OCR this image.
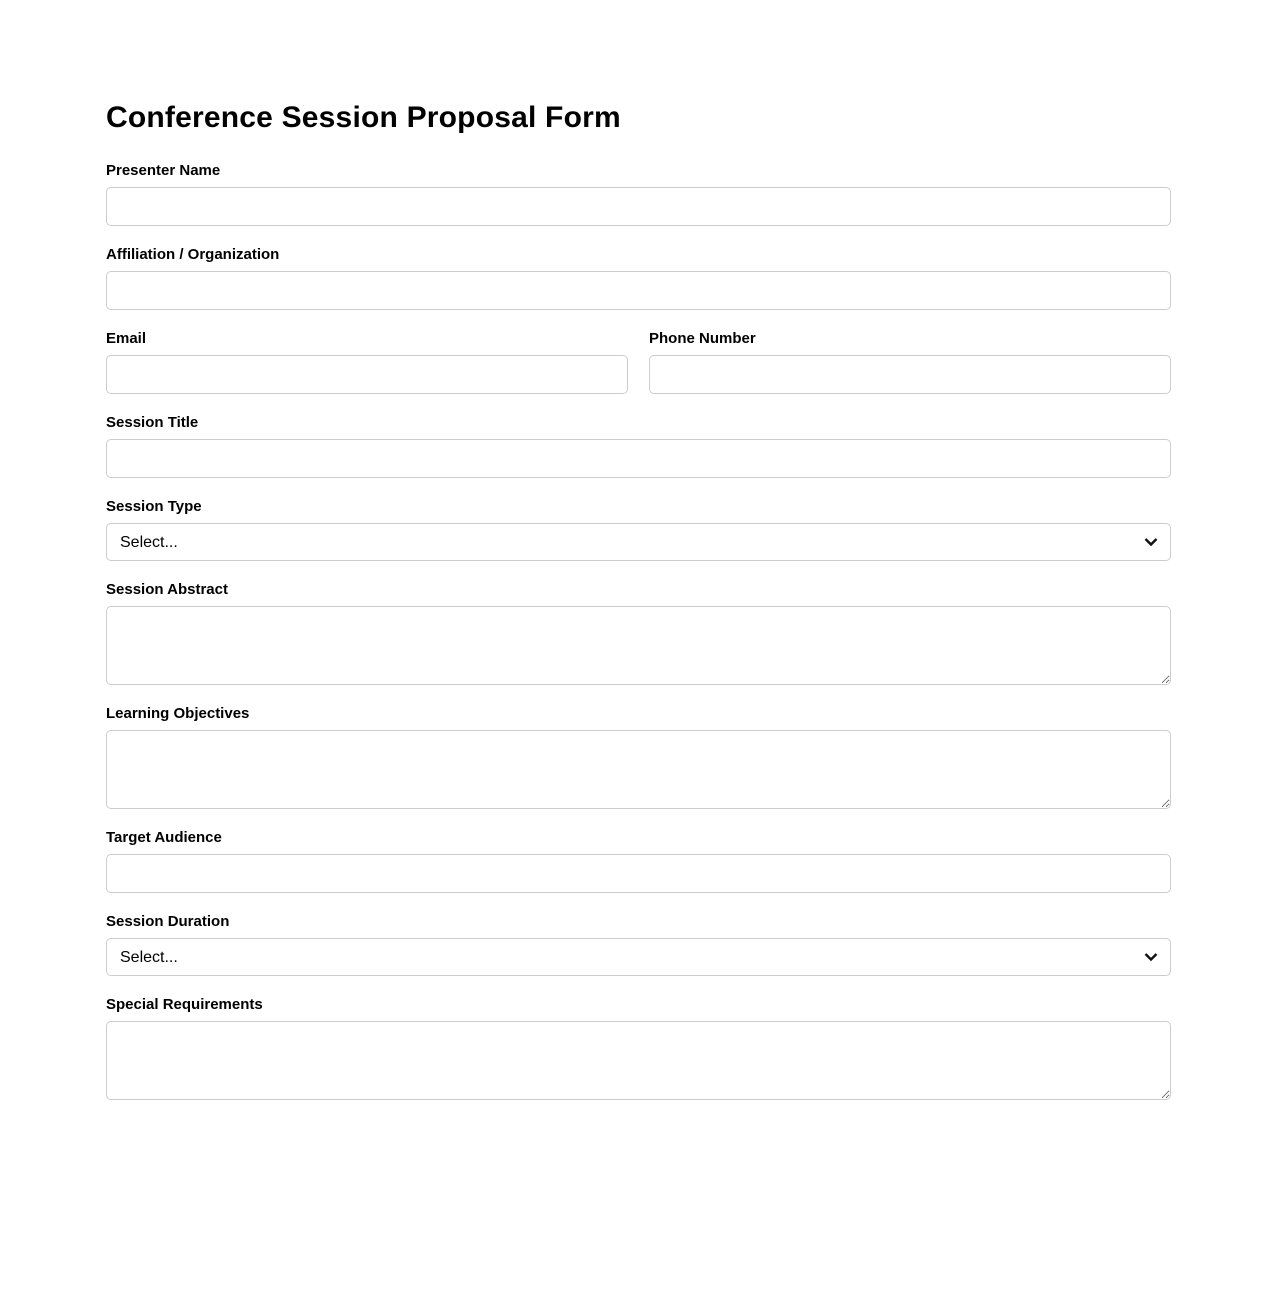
Conference Session Proposal Form
Presenter Name
Affiliation / Organization
Email	Phone Number
Session Title
Session Type
Select...
Session Abstract
Learning Objectives
Target Audience
Session Duration
Select...
Special Requirements
